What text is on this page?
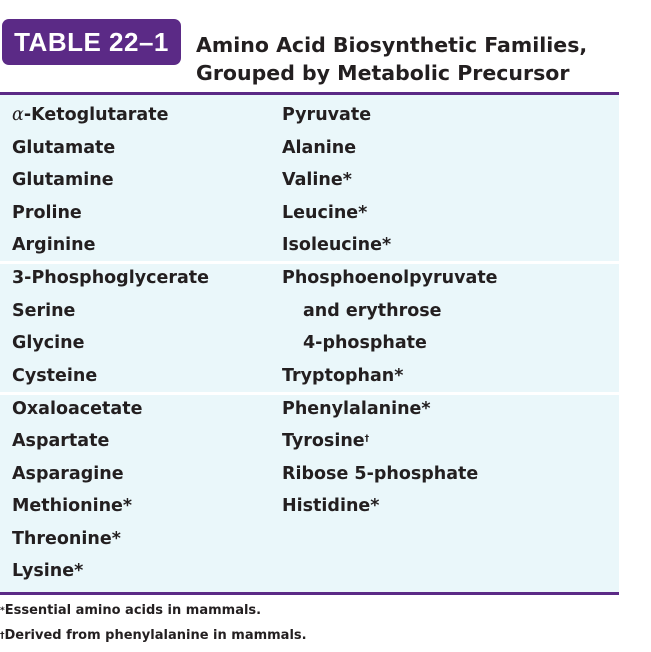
TABLE 22–1	Amino Acid Biosynthetic Families,
Grouped by Metabolic Precursor
α-Ketoglutarate
Glutamate
Glutamine
Proline
Arginine
3-Phosphoglycerate
Serine
Glycine
Cysteine
Oxaloacetate
Aspartate
Asparagine
Methionine*
Threonine*
Lysine*
Pyruvate
Alanine
Valine*
Leucine*
Isoleucine*
Phosphoenolpyruvate
and erythrose
4-phosphate
Tryptophan*
Phenylalanine*
Tyrosine†
Ribose 5-phosphate
Histidine*
*Essential amino acids in mammals.
†Derived from phenylalanine in mammals.
